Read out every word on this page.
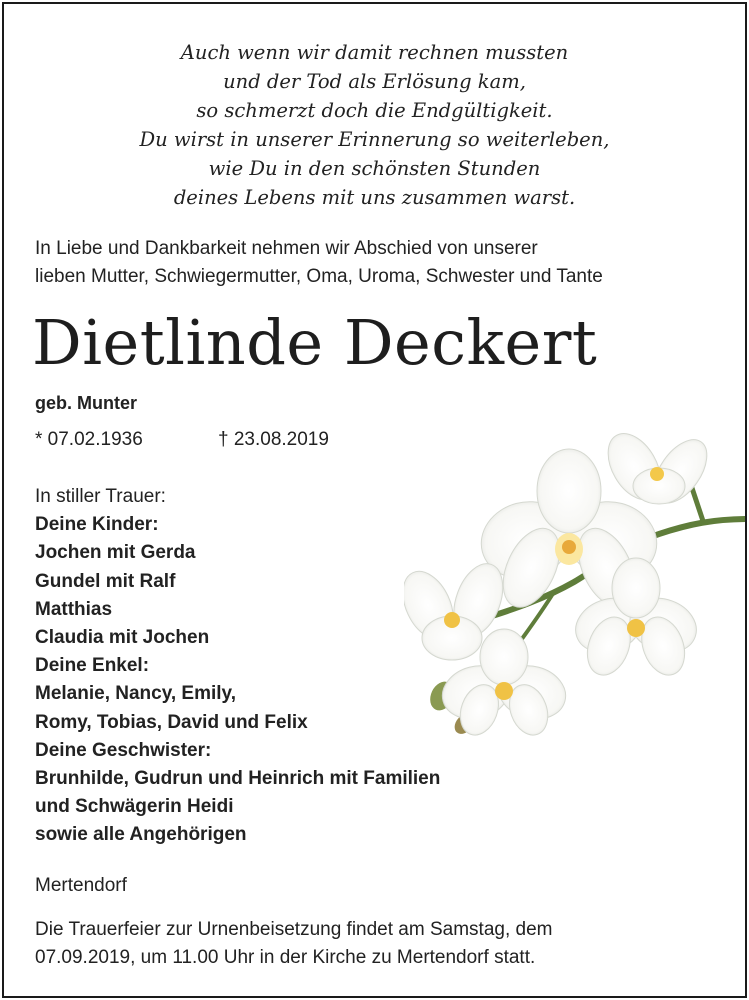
Auch wenn wir damit rechnen mussten
und der Tod als Erlösung kam,
so schmerzt doch die Endgültigkeit.
Du wirst in unserer Erinnerung so weiterleben,
wie Du in den schönsten Stunden
deines Lebens mit uns zusammen warst.
In Liebe und Dankbarkeit nehmen wir Abschied von unserer
lieben Mutter, Schwiegermutter, Oma, Uroma, Schwester und Tante
Dietlinde Deckert
geb. Munter
* 07.02.1936	† 23.08.2019
In stiller Trauer:
Deine Kinder:
Jochen mit Gerda
Gundel mit Ralf
Matthias
Claudia mit Jochen
Deine Enkel:
Melanie, Nancy, Emily,
Romy, Tobias, David und Felix
Deine Geschwister:
Brunhilde, Gudrun und Heinrich mit Familien
und Schwägerin Heidi
sowie alle Angehörigen
Mertendorf
Die Trauerfeier zur Urnenbeisetzung findet am Samstag, dem
07.09.2019, um 11.00 Uhr in der Kirche zu Mertendorf statt.
